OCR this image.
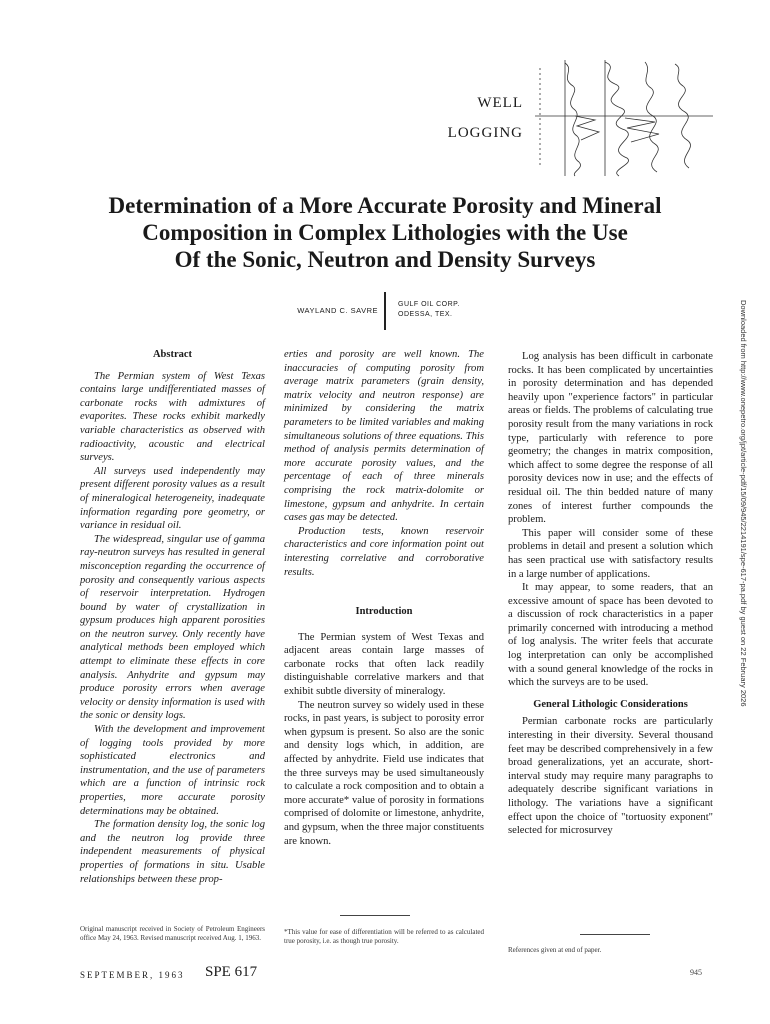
WELL
LOGGING
Determination of a More Accurate Porosity and Mineral
Composition in Complex Lithologies with the Use
Of the Sonic, Neutron and Density Surveys
WAYLAND C. SAVRE
GULF OIL CORP.
ODESSA, TEX.	Downloaded from http://www.onepetro.org/jpt/article-pdf/15/09/945/2214191/spe-617-pa.pdf by guest on 22 February 2026

Abstract

The Permian system of West Texas contains large undifferentiated masses of carbonate rocks with admixtures of evaporites. These rocks exhibit markedly variable characteristics as observed with radioactivity, acoustic and electrical surveys.

All surveys used independently may present different porosity values as a result of mineralogical heterogeneity, inadequate information regarding pore geometry, or variance in residual oil.

The widespread, singular use of gamma ray-neutron surveys has resulted in general misconception regarding the occurrence of porosity and consequently various aspects of reservoir interpretation. Hydrogen bound by water of crystallization in gypsum produces high apparent porosities on the neutron survey. Only recently have analytical methods been employed which attempt to eliminate these effects in core analysis. Anhydrite and gypsum may produce porosity errors when average velocity or density information is used with the sonic or density logs.

With the development and improvement of logging tools provided by more sophisticated electronics and instrumentation, and the use of parameters which are a function of intrinsic rock properties, more accurate porosity determinations may be obtained.

The formation density log, the sonic log and the neutron log provide three independent measurements of physical properties of formations in situ. Usable relationships between these prop-

erties and porosity are well known. The inaccuracies of computing porosity from average matrix parameters (grain density, matrix velocity and neutron response) are minimized by considering the matrix parameters to be limited variables and making simultaneous solutions of three equations. This method of analysis permits determination of more accurate porosity values, and the percentage of each of three minerals comprising the rock matrix-dolomite or limestone, gypsum and anhydrite. In certain cases gas may be detected.

Production tests, known reservoir characteristics and core information point out interesting correlative and corroborative results.

Introduction

The Permian system of West Texas and adjacent areas contain large masses of carbonate rocks that often lack readily distinguishable correlative markers and that exhibit subtle diversity of mineralogy.

The neutron survey so widely used in these rocks, in past years, is subject to porosity error when gypsum is present. So also are the sonic and density logs which, in addition, are affected by anhydrite. Field use indicates that the three surveys may be used simultaneously to calculate a rock composition and to obtain a more accurate* value of porosity in formations comprised of dolomite or limestone, anhydrite, and gypsum, when the three major constituents are known.

Log analysis has been difficult in carbonate rocks. It has been complicated by uncertainties in porosity determination and has depended heavily upon "experience factors" in particular areas or fields. The problems of calculating true porosity result from the many variations in rock type, particularly with reference to pore geometry; the changes in matrix composition, which affect to some degree the response of all porosity devices now in use; and the effects of residual oil. The thin bedded nature of many zones of interest further compounds the problem.

This paper will consider some of these problems in detail and present a solution which has seen practical use with satisfactory results in a large number of applications.

It may appear, to some readers, that an excessive amount of space has been devoted to a discussion of rock characteristics in a paper primarily concerned with introducing a method of log analysis. The writer feels that accurate log interpretation can only be accomplished with a sound general knowledge of the rocks in which the surveys are to be used.

General Lithologic Considerations

Permian carbonate rocks are particularly interesting in their diversity. Several thousand feet may be described comprehensively in a few broad generalizations, yet an accurate, short-interval study may require many paragraphs to adequately describe significant variations in lithology. The variations have a significant effect upon the choice of "tortuosity exponent" selected for microsurvey

Original manuscript received in Society of Petroleum Engineers office May 24, 1963. Revised manuscript received Aug. 1, 1963.
*This value for ease of differentiation will be referred to as calculated true porosity, i.e. as though true porosity.
References given at end of paper.
SEPTEMBER, 1963 SPE 617	945
